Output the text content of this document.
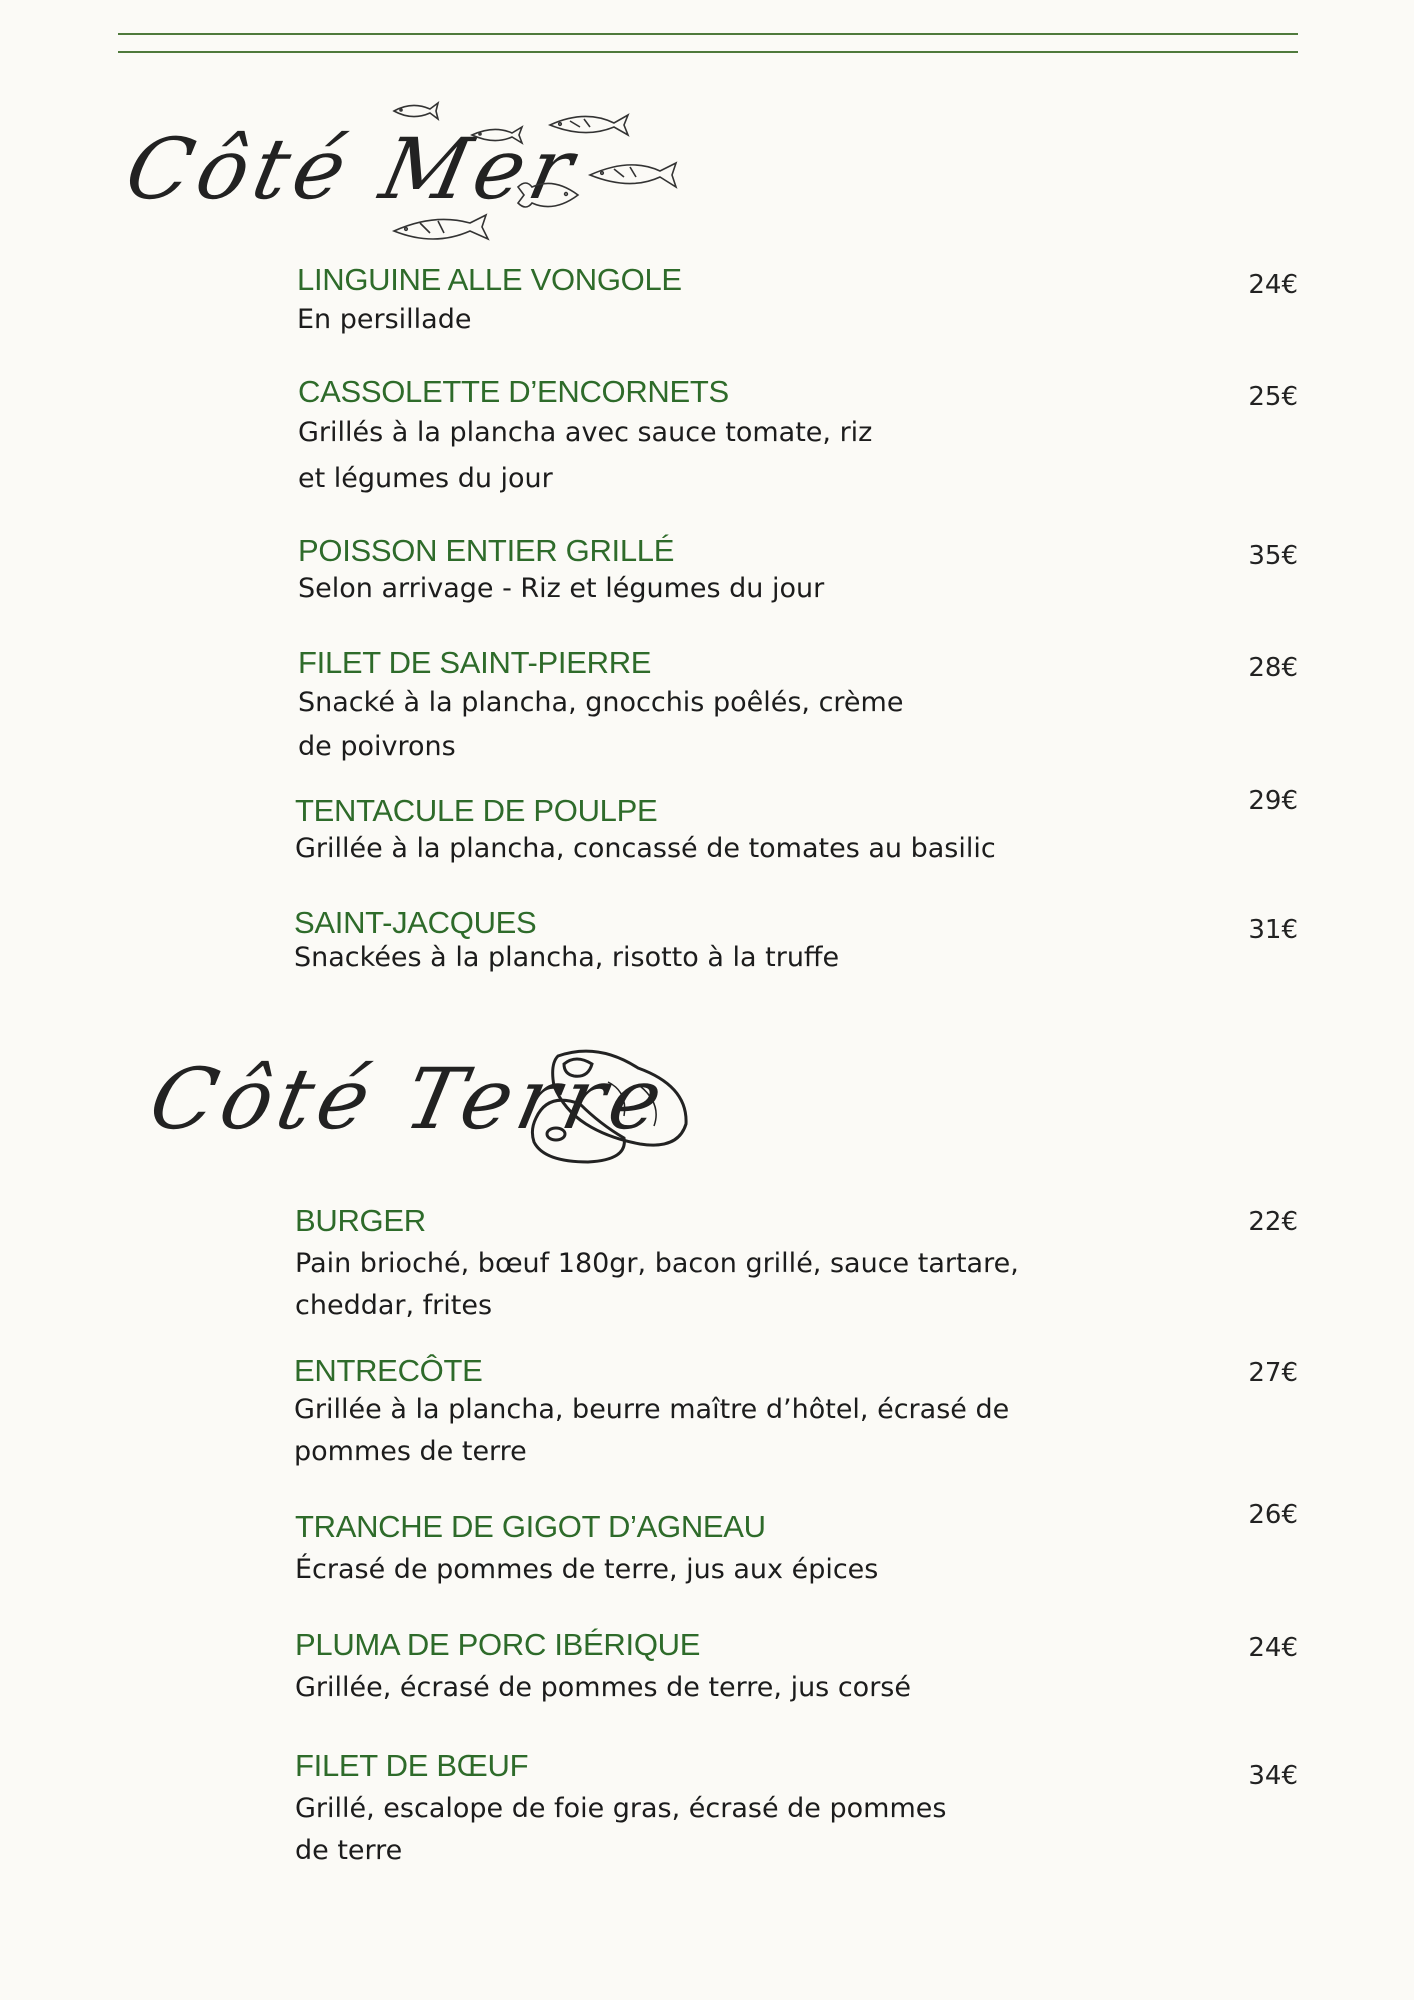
Côté Mer
LINGUINE ALLE VONGOLE
En persillade
24€
CASSOLETTE D’ENCORNETS
Grillés à la plancha avec sauce tomate, riz
et légumes du jour
25€
POISSON ENTIER GRILLÉ
Selon arrivage - Riz et légumes du jour
35€
FILET DE SAINT-PIERRE
Snacké à la plancha, gnocchis poêlés, crème
de poivrons
28€
TENTACULE DE POULPE
Grillée à la plancha, concassé de tomates au basilic
29€
SAINT-JACQUES
Snackées à la plancha, risotto à la truffe
31€
Côté Terre
BURGER
Pain brioché, bœuf 180gr, bacon grillé, sauce tartare,
cheddar, frites
22€
ENTRECÔTE
Grillée à la plancha, beurre maître d’hôtel, écrasé de
pommes de terre
27€
TRANCHE DE GIGOT D’AGNEAU
Écrasé de pommes de terre, jus aux épices
26€
PLUMA DE PORC IBÉRIQUE
Grillée, écrasé de pommes de terre, jus corsé
24€
FILET DE BŒUF
Grillé, escalope de foie gras, écrasé de pommes
de terre
34€
